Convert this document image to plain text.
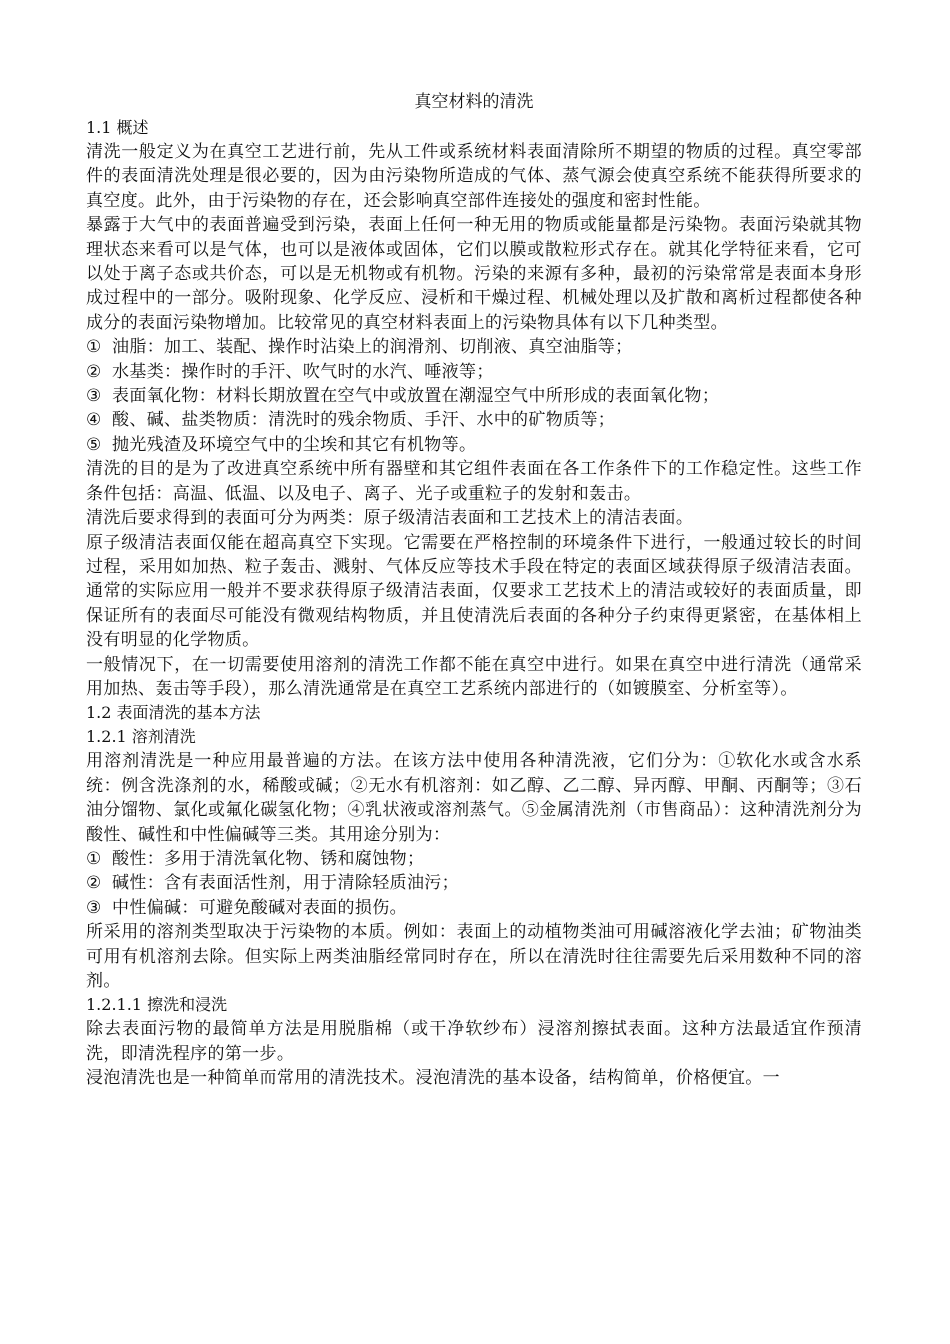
真空材料的清洗
1.1 概述
清洗一般定义为在真空工艺进行前，先从工件或系统材料表面清除所不期望的物质的过程。真空零部件的表面清洗处理是很必要的，因为由污染物所造成的气体、蒸气源会使真空系统不能获得所要求的真空度。此外，由于污染物的存在，还会影响真空部件连接处的强度和密封性能。
暴露于大气中的表面普遍受到污染，表面上任何一种无用的物质或能量都是污染物。表面污染就其物理状态来看可以是气体，也可以是液体或固体，它们以膜或散粒形式存在。就其化学特征来看，它可以处于离子态或共价态，可以是无机物或有机物。污染的来源有多种，最初的污染常常是表面本身形成过程中的一部分。吸附现象、化学反应、浸析和干燥过程、机械处理以及扩散和离析过程都使各种成分的表面污染物增加。比较常见的真空材料表面上的污染物具体有以下几种类型。
① 油脂：加工、装配、操作时沾染上的润滑剂、切削液、真空油脂等；
② 水基类：操作时的手汗、吹气时的水汽、唾液等；
③ 表面氧化物：材料长期放置在空气中或放置在潮湿空气中所形成的表面氧化物；
④ 酸、碱、盐类物质：清洗时的残余物质、手汗、水中的矿物质等；
⑤ 抛光残渣及环境空气中的尘埃和其它有机物等。
清洗的目的是为了改进真空系统中所有器壁和其它组件表面在各工作条件下的工作稳定性。这些工作条件包括：高温、低温、以及电子、离子、光子或重粒子的发射和轰击。
清洗后要求得到的表面可分为两类：原子级清洁表面和工艺技术上的清洁表面。
原子级清洁表面仅能在超高真空下实现。它需要在严格控制的环境条件下进行，一般通过较长的时间过程，采用如加热、粒子轰击、溅射、气体反应等技术手段在特定的表面区域获得原子级清洁表面。通常的实际应用一般并不要求获得原子级清洁表面，仅要求工艺技术上的清洁或较好的表面质量，即保证所有的表面尽可能没有微观结构物质，并且使清洗后表面的各种分子约束得更紧密，在基体相上没有明显的化学物质。
一般情况下，在一切需要使用溶剂的清洗工作都不能在真空中进行。如果在真空中进行清洗（通常采用加热、轰击等手段），那么清洗通常是在真空工艺系统内部进行的（如镀膜室、分析室等）。
1.2 表面清洗的基本方法
1.2.1 溶剂清洗
用溶剂清洗是一种应用最普遍的方法。在该方法中使用各种清洗液，它们分为：①软化水或含水系统：例含洗涤剂的水，稀酸或碱；②无水有机溶剂：如乙醇、乙二醇、异丙醇、甲酮、丙酮等；③石油分馏物、氯化或氟化碳氢化物；④乳状液或溶剂蒸气。⑤金属清洗剂（市售商品）：这种清洗剂分为酸性、碱性和中性偏碱等三类。其用途分别为：
① 酸性：多用于清洗氧化物、锈和腐蚀物；
② 碱性：含有表面活性剂，用于清除轻质油污；
③ 中性偏碱：可避免酸碱对表面的损伤。
所采用的溶剂类型取决于污染物的本质。例如：表面上的动植物类油可用碱溶液化学去油；矿物油类可用有机溶剂去除。但实际上两类油脂经常同时存在，所以在清洗时往往需要先后采用数种不同的溶剂。
1.2.1.1 擦洗和浸洗
除去表面污物的最简单方法是用脱脂棉（或干净软纱布）浸溶剂擦拭表面。这种方法最适宜作预清洗，即清洗程序的第一步。
浸泡清洗也是一种简单而常用的清洗技术。浸泡清洗的基本设备，结构简单，价格便宜。一
